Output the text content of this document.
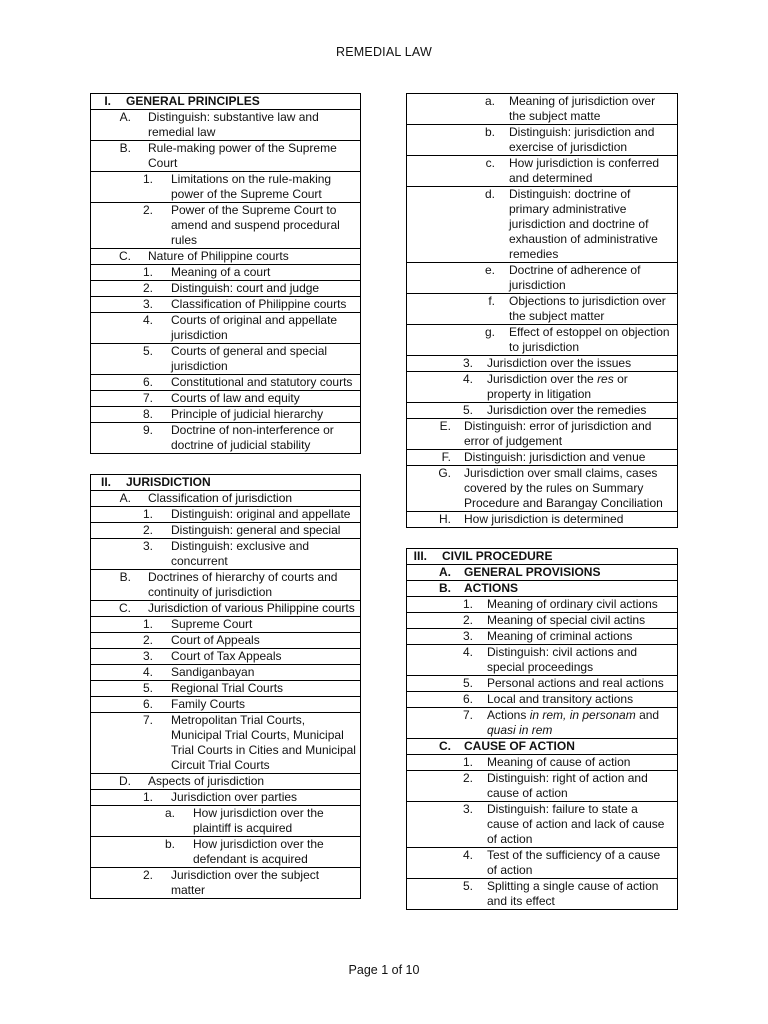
REMEDIAL LAW
I.	GENERAL PRINCIPLES
A.	Distinguish: substantive law and remedial law
B.	Rule-making power of the Supreme Court
1.	Limitations on the rule-making power of the Supreme Court
2.	Power of the Supreme Court to amend and suspend procedural rules
C.	Nature of Philippine courts
1.	Meaning of a court
2.	Distinguish: court and judge
3.	Classification of Philippine courts
4.	Courts of original and appellate jurisdiction
5.	Courts of general and special jurisdiction
6.	Constitutional and statutory courts
7.	Courts of law and equity
8.	Principle of judicial hierarchy
9.	Doctrine of non-interference or doctrine of judicial stability
II.	JURISDICTION
A.	Classification of jurisdiction
1.	Distinguish: original and appellate
2.	Distinguish: general and special
3.	Distinguish: exclusive and concurrent
B.	Doctrines of hierarchy of courts and continuity of jurisdiction
C.	Jurisdiction of various Philippine courts
1.	Supreme Court
2.	Court of Appeals
3.	Court of Tax Appeals
4.	Sandiganbayan
5.	Regional Trial Courts
6.	Family Courts
7.	Metropolitan Trial Courts, Municipal Trial Courts, Municipal Trial Courts in Cities and Municipal Circuit Trial Courts
D.	Aspects of jurisdiction
1.	Jurisdiction over parties
a.	How jurisdiction over the plaintiff is acquired
b.	How jurisdiction over the defendant is acquired
2.	Jurisdiction over the subject matter
a.	Meaning of jurisdiction over the subject matte
b.	Distinguish: jurisdiction and exercise of jurisdiction
c.	How jurisdiction is conferred and determined
d.	Distinguish: doctrine of primary administrative jurisdiction and doctrine of exhaustion of administrative remedies
e.	Doctrine of adherence of jurisdiction
f.	Objections to jurisdiction over the subject matter
g.	Effect of estoppel on objection to jurisdiction
3.	Jurisdiction over the issues
4.	Jurisdiction over the res or property in litigation
5.	Jurisdiction over the remedies
E.	Distinguish: error of jurisdiction and error of judgement
F.	Distinguish: jurisdiction and venue
G.	Jurisdiction over small claims, cases covered by the rules on Summary Procedure and Barangay Conciliation
H.	How jurisdiction is determined
III.	CIVIL PROCEDURE
A.	GENERAL PROVISIONS
B.	ACTIONS
1.	Meaning of ordinary civil actions
2.	Meaning of special civil actins
3.	Meaning of criminal actions
4.	Distinguish: civil actions and special proceedings
5.	Personal actions and real actions
6.	Local and transitory actions
7.	Actions in rem, in personam and quasi in rem
C.	CAUSE OF ACTION
1.	Meaning of cause of action
2.	Distinguish: right of action and cause of action
3.	Distinguish: failure to state a cause of action and lack of cause of action
4.	Test of the sufficiency of a cause of action
5.	Splitting a single cause of action and its effect
Page 1 of 10
